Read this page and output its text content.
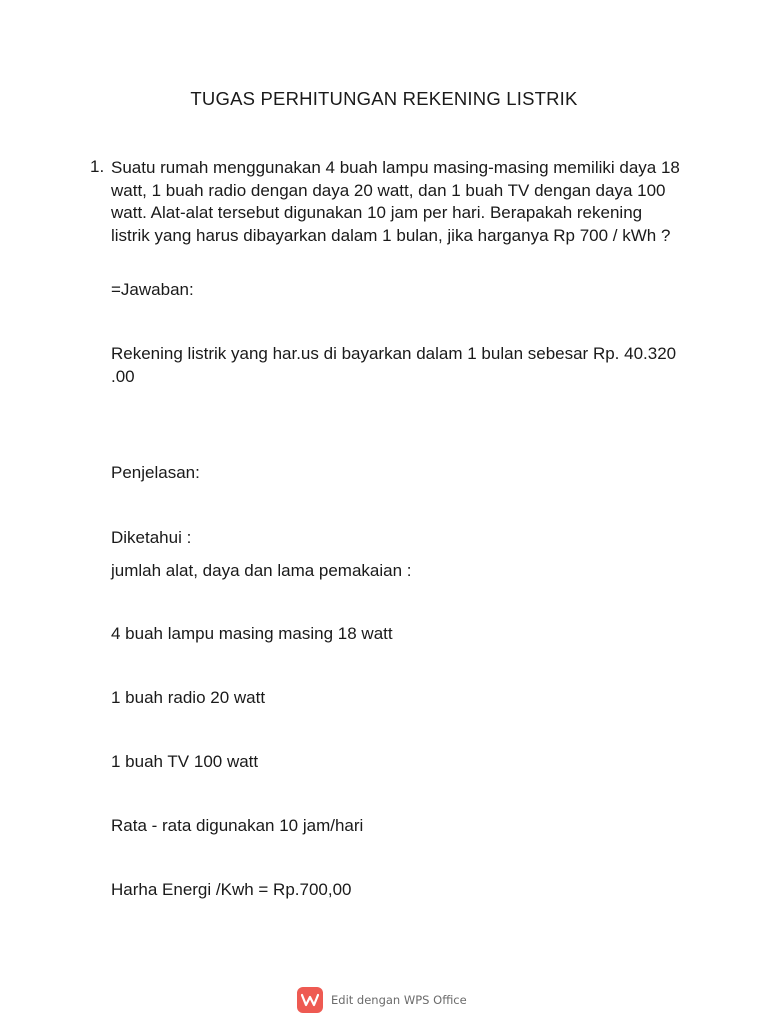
TUGAS PERHITUNGAN REKENING LISTRIK
1. Suatu rumah menggunakan 4 buah lampu masing-masing memiliki daya 18 watt, 1 buah radio dengan daya 20 watt, dan 1 buah TV dengan daya 100 watt. Alat-alat tersebut digunakan 10 jam per hari. Berapakah rekening listrik yang harus dibayarkan dalam 1 bulan, jika harganya Rp 700 / kWh ?
=Jawaban:
Rekening listrik yang har.us di bayarkan dalam 1 bulan sebesar Rp. 40.320 .00
Penjelasan:
Diketahui :
jumlah alat, daya dan lama pemakaian :
4 buah lampu masing masing 18 watt
1 buah radio 20 watt
1 buah TV 100 watt
Rata - rata digunakan 10 jam/hari
Harha Energi /Kwh = Rp.700,00
Edit dengan WPS Office
